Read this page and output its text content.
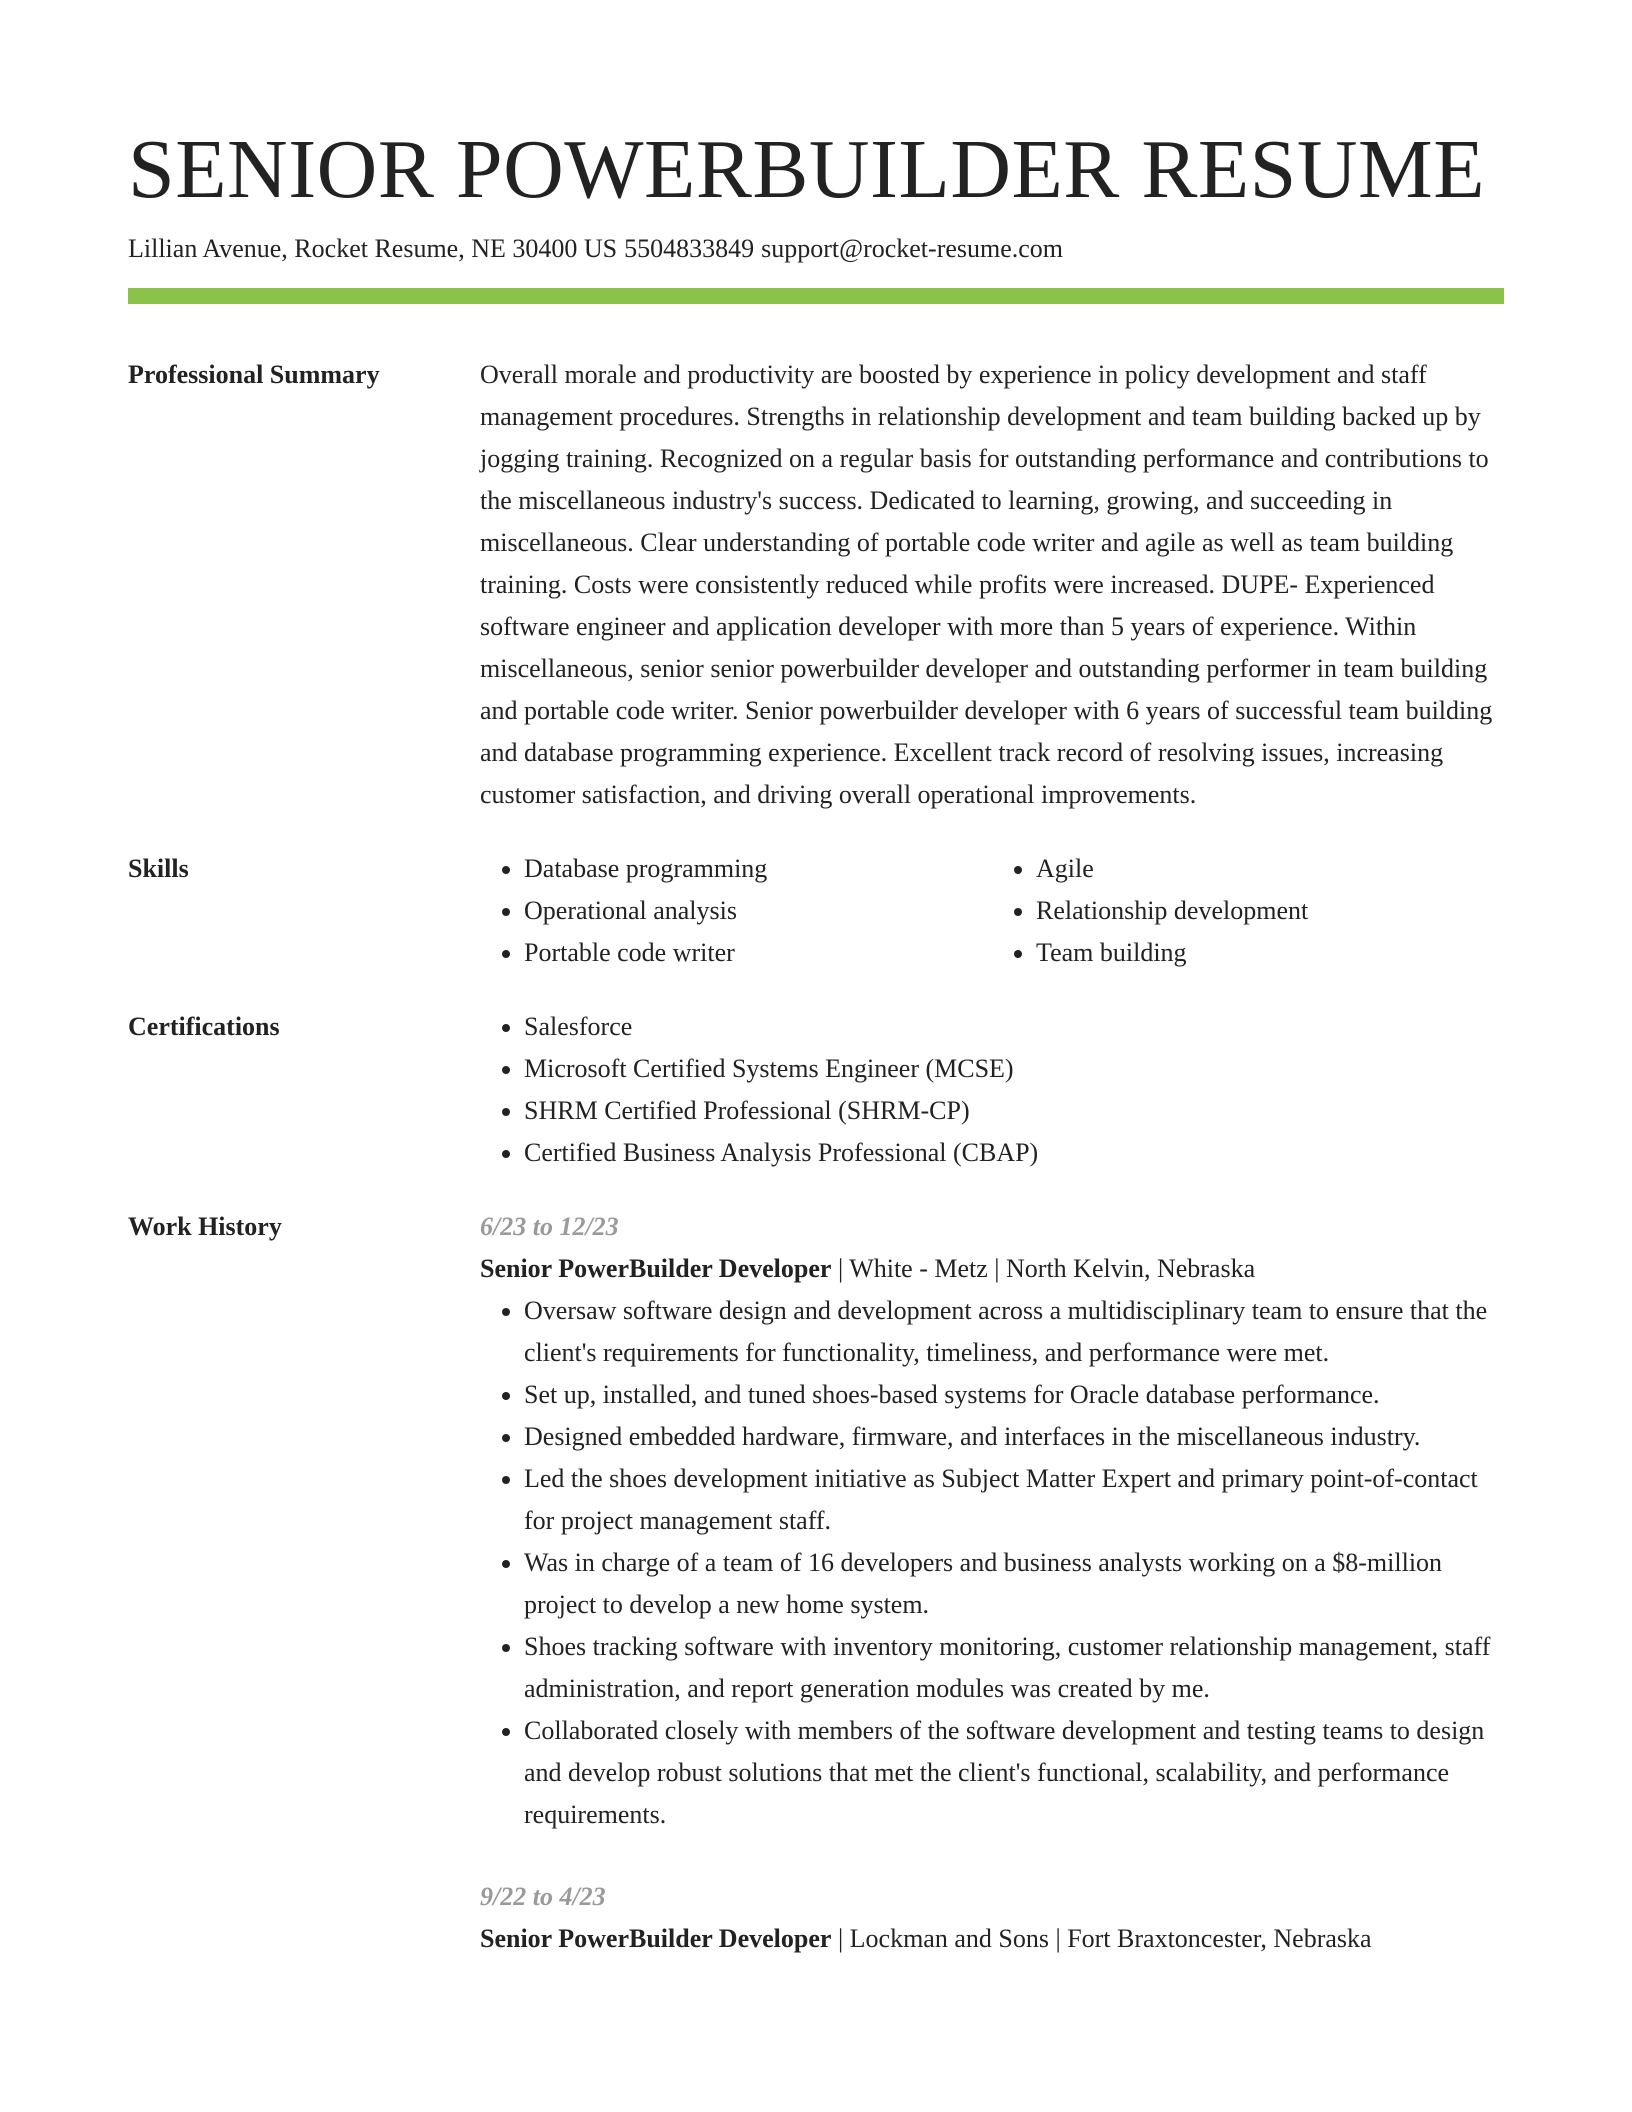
SENIOR POWERBUILDER RESUME
Lillian Avenue, Rocket Resume, NE 30400 US 5504833849 support@rocket-resume.com
Professional Summary	Overall morale and productivity are boosted by experience in policy development and staff management procedures. Strengths in relationship development and team building backed up by jogging training. Recognized on a regular basis for outstanding performance and contributions to the miscellaneous industry's success. Dedicated to learning, growing, and succeeding in miscellaneous. Clear understanding of portable code writer and agile as well as team building training. Costs were consistently reduced while profits were increased. DUPE- Experienced software engineer and application developer with more than 5 years of experience. Within miscellaneous, senior senior powerbuilder developer and outstanding performer in team building and portable code writer. Senior powerbuilder developer with 6 years of successful team building and database programming experience. Excellent track record of resolving issues, increasing customer satisfaction, and driving overall operational improvements.

Skills	• Database programming
• Operational analysis
• Portable code writer
• Agile
• Relationship development
• Team building
Certifications	• Salesforce
• Microsoft Certified Systems Engineer (MCSE)
• SHRM Certified Professional (SHRM-CP)
• Certified Business Analysis Professional (CBAP)
Work History	6/23 to 12/23
Senior PowerBuilder Developer | White - Metz | North Kelvin, Nebraska
• Oversaw software design and development across a multidisciplinary team to ensure that the client's requirements for functionality, timeliness, and performance were met.
• Set up, installed, and tuned shoes-based systems for Oracle database performance.
• Designed embedded hardware, firmware, and interfaces in the miscellaneous industry.
• Led the shoes development initiative as Subject Matter Expert and primary point-of-contact for project management staff.
• Was in charge of a team of 16 developers and business analysts working on a $8-million project to develop a new home system.
• Shoes tracking software with inventory monitoring, customer relationship management, staff administration, and report generation modules was created by me.
• Collaborated closely with members of the software development and testing teams to design and develop robust solutions that met the client's functional, scalability, and performance requirements.
9/22 to 4/23
Senior PowerBuilder Developer | Lockman and Sons | Fort Braxtoncester, Nebraska
